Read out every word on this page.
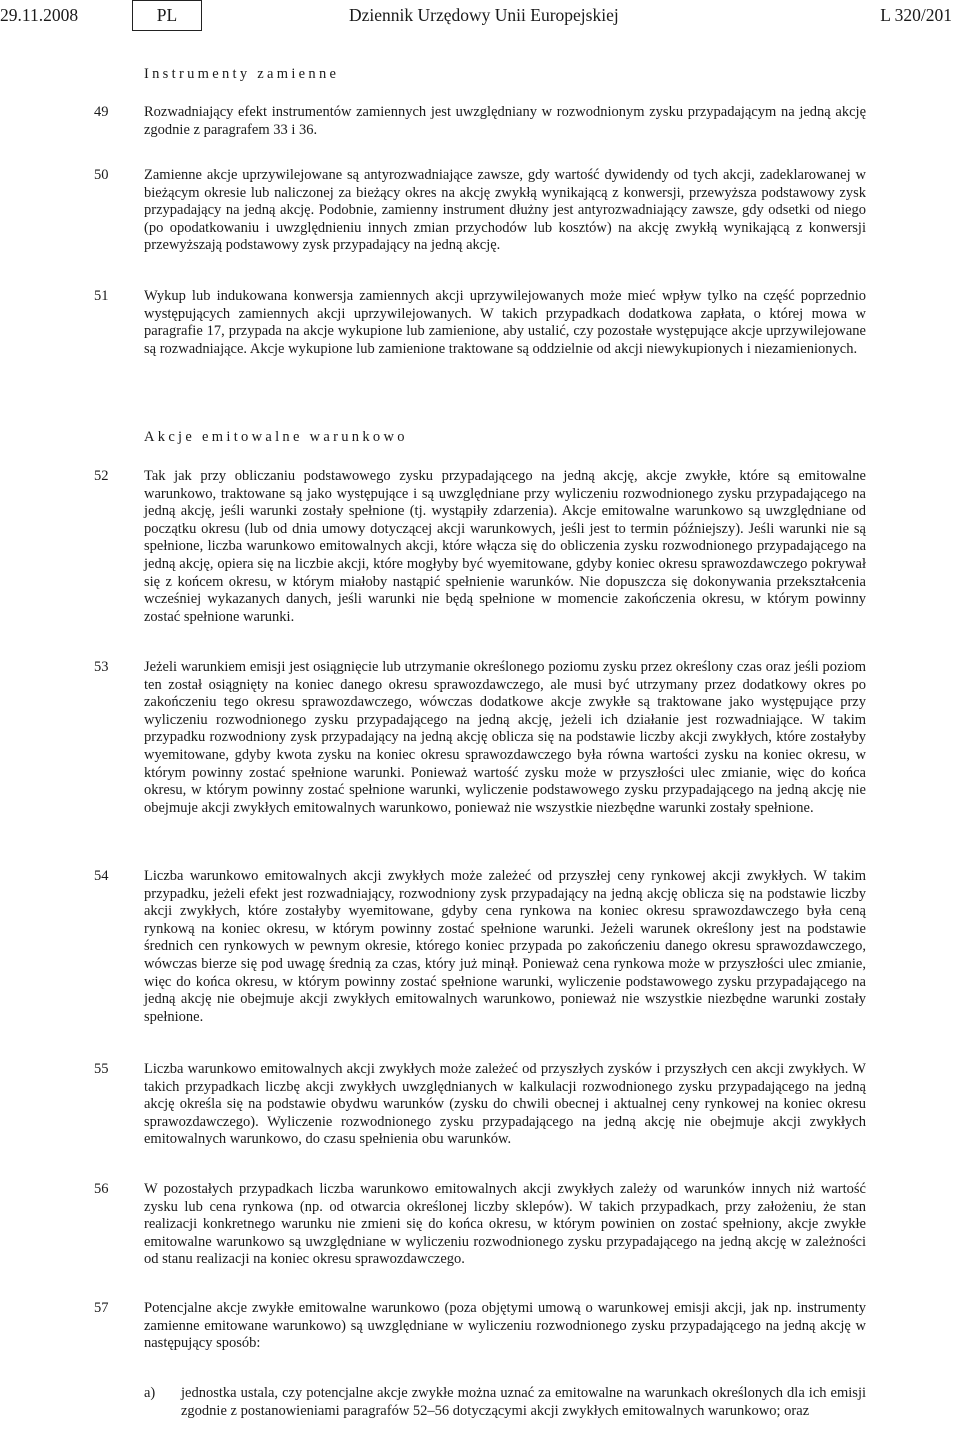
29.11.2008	PL	Dziennik Urzędowy Unii Europejskiej	L 320/201
Instrumenty zamienne
49 Rozwadniający efekt instrumentów zamiennych jest uwzględniany w rozwodnionym zysku przypadającym na jedną akcję zgodnie z paragrafem 33 i 36.
50 Zamienne akcje uprzywilejowane są antyrozwadniające zawsze, gdy wartość dywidendy od tych akcji, zadeklarowanej w bieżącym okresie lub naliczonej za bieżący okres na akcję zwykłą wynikającą z konwersji, przewyższa podstawowy zysk przypadający na jedną akcję. Podobnie, zamienny instrument dłużny jest antyrozwadniający zawsze, gdy odsetki od niego (po opodatkowaniu i uwzględnieniu innych zmian przychodów lub kosztów) na akcję zwykłą wynikającą z konwersji przewyższają podstawowy zysk przypadający na jedną akcję.
51 Wykup lub indukowana konwersja zamiennych akcji uprzywilejowanych może mieć wpływ tylko na część poprzednio występujących zamiennych akcji uprzywilejowanych. W takich przypadkach dodatkowa zapłata, o której mowa w paragrafie 17, przypada na akcje wykupione lub zamienione, aby ustalić, czy pozostałe występujące akcje uprzywilejowane są rozwadniające. Akcje wykupione lub zamienione traktowane są oddzielnie od akcji niewykupionych i niezamienionych.
Akcje emitowalne warunkowo
52 Tak jak przy obliczaniu podstawowego zysku przypadającego na jedną akcję, akcje zwykłe, które są emitowalne warunkowo, traktowane są jako występujące i są uwzględniane przy wyliczeniu rozwodnionego zysku przypadającego na jedną akcję, jeśli warunki zostały spełnione (tj. wystąpiły zdarzenia). Akcje emitowalne warunkowo są uwzględniane od początku okresu (lub od dnia umowy dotyczącej akcji warunkowych, jeśli jest to termin późniejszy). Jeśli warunki nie są spełnione, liczba warunkowo emitowalnych akcji, które włącza się do obliczenia zysku rozwodnionego przypadającego na jedną akcję, opiera się na liczbie akcji, które mogłyby być wyemitowane, gdyby koniec okresu sprawozdawczego pokrywał się z końcem okresu, w którym miałoby nastąpić spełnienie warunków. Nie dopuszcza się dokonywania przekształcenia wcześniej wykazanych danych, jeśli warunki nie będą spełnione w momencie zakończenia okresu, w którym powinny zostać spełnione warunki.
53 Jeżeli warunkiem emisji jest osiągnięcie lub utrzymanie określonego poziomu zysku przez określony czas oraz jeśli poziom ten został osiągnięty na koniec danego okresu sprawozdawczego, ale musi być utrzymany przez dodatkowy okres po zakończeniu tego okresu sprawozdawczego, wówczas dodatkowe akcje zwykłe są traktowane jako występujące przy wyliczeniu rozwodnionego zysku przypadającego na jedną akcję, jeżeli ich działanie jest rozwadniające. W takim przypadku rozwodniony zysk przypadający na jedną akcję oblicza się na podstawie liczby akcji zwykłych, które zostałyby wyemitowane, gdyby kwota zysku na koniec okresu sprawozdawczego była równa wartości zysku na koniec okresu, w którym powinny zostać spełnione warunki. Ponieważ wartość zysku może w przyszłości ulec zmianie, więc do końca okresu, w którym powinny zostać spełnione warunki, wyliczenie podstawowego zysku przypadającego na jedną akcję nie obejmuje akcji zwykłych emitowalnych warunkowo, ponieważ nie wszystkie niezbędne warunki zostały spełnione.
54 Liczba warunkowo emitowalnych akcji zwykłych może zależeć od przyszłej ceny rynkowej akcji zwykłych. W takim przypadku, jeżeli efekt jest rozwadniający, rozwodniony zysk przypadający na jedną akcję oblicza się na podstawie liczby akcji zwykłych, które zostałyby wyemitowane, gdyby cena rynkowa na koniec okresu sprawozdawczego była ceną rynkową na koniec okresu, w którym powinny zostać spełnione warunki. Jeżeli warunek określony jest na podstawie średnich cen rynkowych w pewnym okresie, którego koniec przypada po zakończeniu danego okresu sprawozdawczego, wówczas bierze się pod uwagę średnią za czas, który już minął. Ponieważ cena rynkowa może w przyszłości ulec zmianie, więc do końca okresu, w którym powinny zostać spełnione warunki, wyliczenie podstawowego zysku przypadającego na jedną akcję nie obejmuje akcji zwykłych emitowalnych warunkowo, ponieważ nie wszystkie niezbędne warunki zostały spełnione.
55 Liczba warunkowo emitowalnych akcji zwykłych może zależeć od przyszłych zysków i przyszłych cen akcji zwykłych. W takich przypadkach liczbę akcji zwykłych uwzględnianych w kalkulacji rozwodnionego zysku przypadającego na jedną akcję określa się na podstawie obydwu warunków (zysku do chwili obecnej i aktualnej ceny rynkowej na koniec okresu sprawozdawczego). Wyliczenie rozwodnionego zysku przypadającego na jedną akcję nie obejmuje akcji zwykłych emitowalnych warunkowo, do czasu spełnienia obu warunków.
56 W pozostałych przypadkach liczba warunkowo emitowalnych akcji zwykłych zależy od warunków innych niż wartość zysku lub cena rynkowa (np. od otwarcia określonej liczby sklepów). W takich przypadkach, przy założeniu, że stan realizacji konkretnego warunku nie zmieni się do końca okresu, w którym powinien on zostać spełniony, akcje zwykłe emitowalne warunkowo są uwzględniane w wyliczeniu rozwodnionego zysku przypadającego na jedną akcję w zależności od stanu realizacji na koniec okresu sprawozdawczego.
57 Potencjalne akcje zwykłe emitowalne warunkowo (poza objętymi umową o warunkowej emisji akcji, jak np. instrumenty zamienne emitowane warunkowo) są uwzględniane w wyliczeniu rozwodnionego zysku przypadającego na jedną akcję w następujący sposób:
a) jednostka ustala, czy potencjalne akcje zwykłe można uznać za emitowalne na warunkach określonych dla ich emisji zgodnie z postanowieniami paragrafów 52–56 dotyczącymi akcji zwykłych emitowalnych warunkowo; oraz
